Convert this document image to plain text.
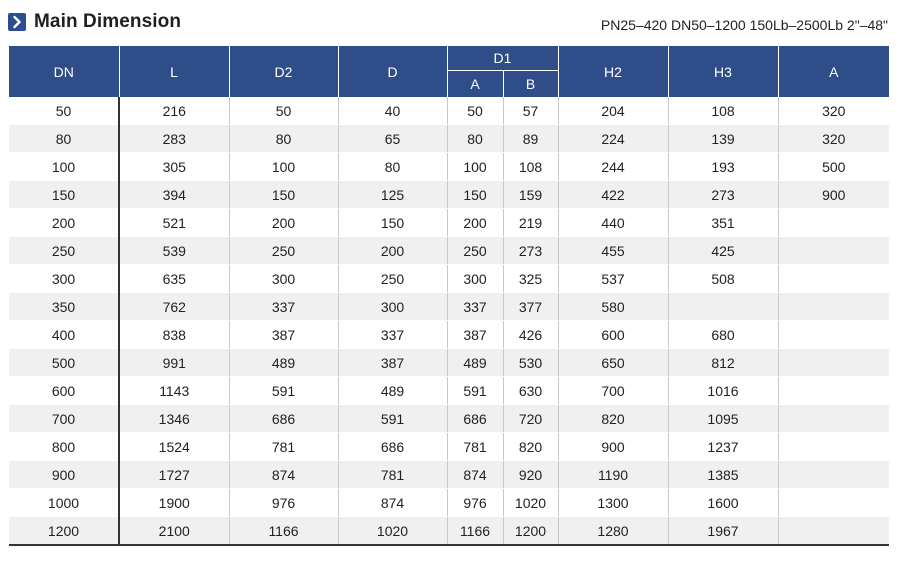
Main Dimension	PN25–420 DN50–1200 150Lb–2500Lb 2"–48"
DN	L	D2	D	D1		H2	H3	A
				A	B			
50	216	50	40	50	57	204	108	320
80	283	80	65	80	89	224	139	320
100	305	100	80	100	108	244	193	500
150	394	150	125	150	159	422	273	900
200	521	200	150	200	219	440	351	
250	539	250	200	250	273	455	425	
300	635	300	250	300	325	537	508	
350	762	337	300	337	377	580		
400	838	387	337	387	426	600	680	
500	991	489	387	489	530	650	812	
600	1143	591	489	591	630	700	1016	
700	1346	686	591	686	720	820	1095	
800	1524	781	686	781	820	900	1237	
900	1727	874	781	874	920	1190	1385	
1000	1900	976	874	976	1020	1300	1600	
1200	2100	1166	1020	1166	1200	1280	1967	
